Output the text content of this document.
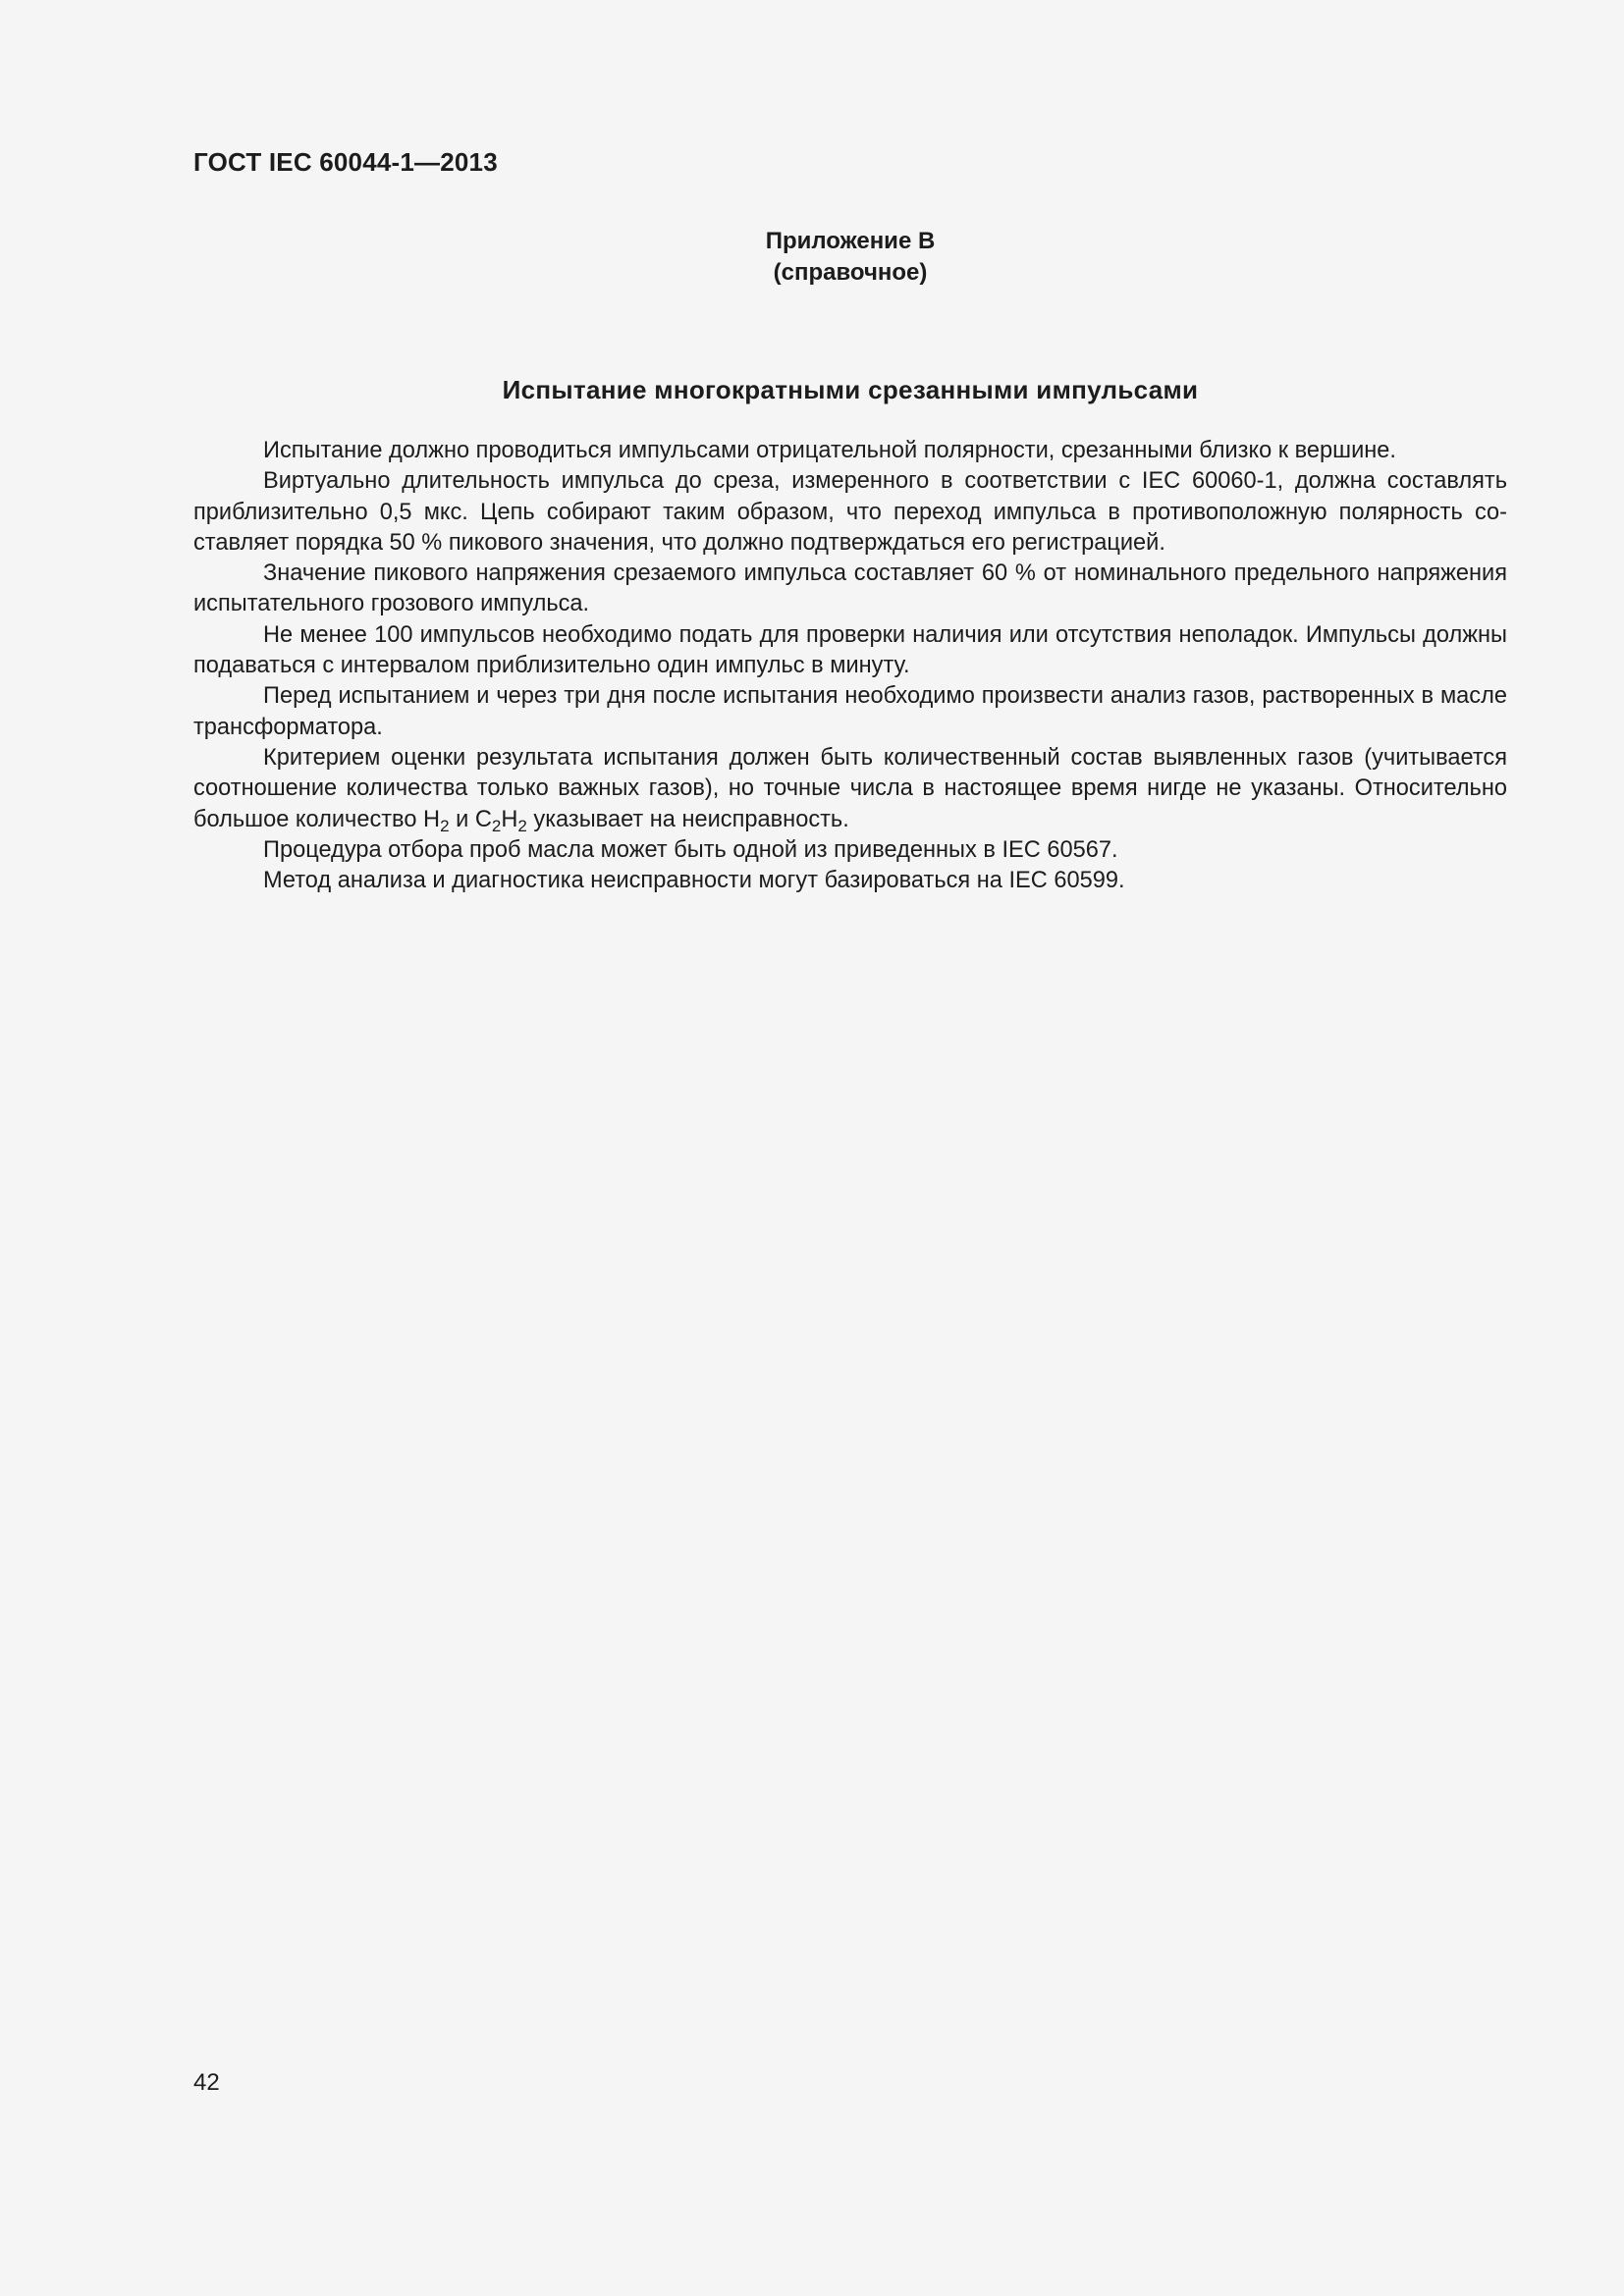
ГОСТ IEC 60044-1—2013
Приложение В
(справочное)
Испытание многократными срезанными импульсами

Испытание должно проводиться импульсами отрицательной полярности, срезанными близко к вершине.

Виртуально длительность импульса до среза, измеренного в соответствии с IEC 60060-1, должна составлять приблизительно 0,5 мкс. Цепь собирают таким образом, что переход импульса в противоположную полярность составляет порядка 50 % пикового значения, что должно подтверждаться его регистрацией.

Значение пикового напряжения срезаемого импульса составляет 60 % от номинального предельного напряжения испытательного грозового импульса.

Не менее 100 импульсов необходимо подать для проверки наличия или отсутствия неполадок. Импульсы должны подаваться с интервалом приблизительно один импульс в минуту.

Перед испытанием и через три дня после испытания необходимо произвести анализ газов, растворенных в масле трансформатора.

Критерием оценки результата испытания должен быть количественный состав выявленных газов (учитывается соотношение количества только важных газов), но точные числа в настоящее время нигде не указаны. Относительно большое количество $H_2$ и $C_2H_2$ указывает на неисправность.

Процедура отбора проб масла может быть одной из приведенных в IEC 60567.

Метод анализа и диагностика неисправности могут базироваться на IEC 60599.

42
